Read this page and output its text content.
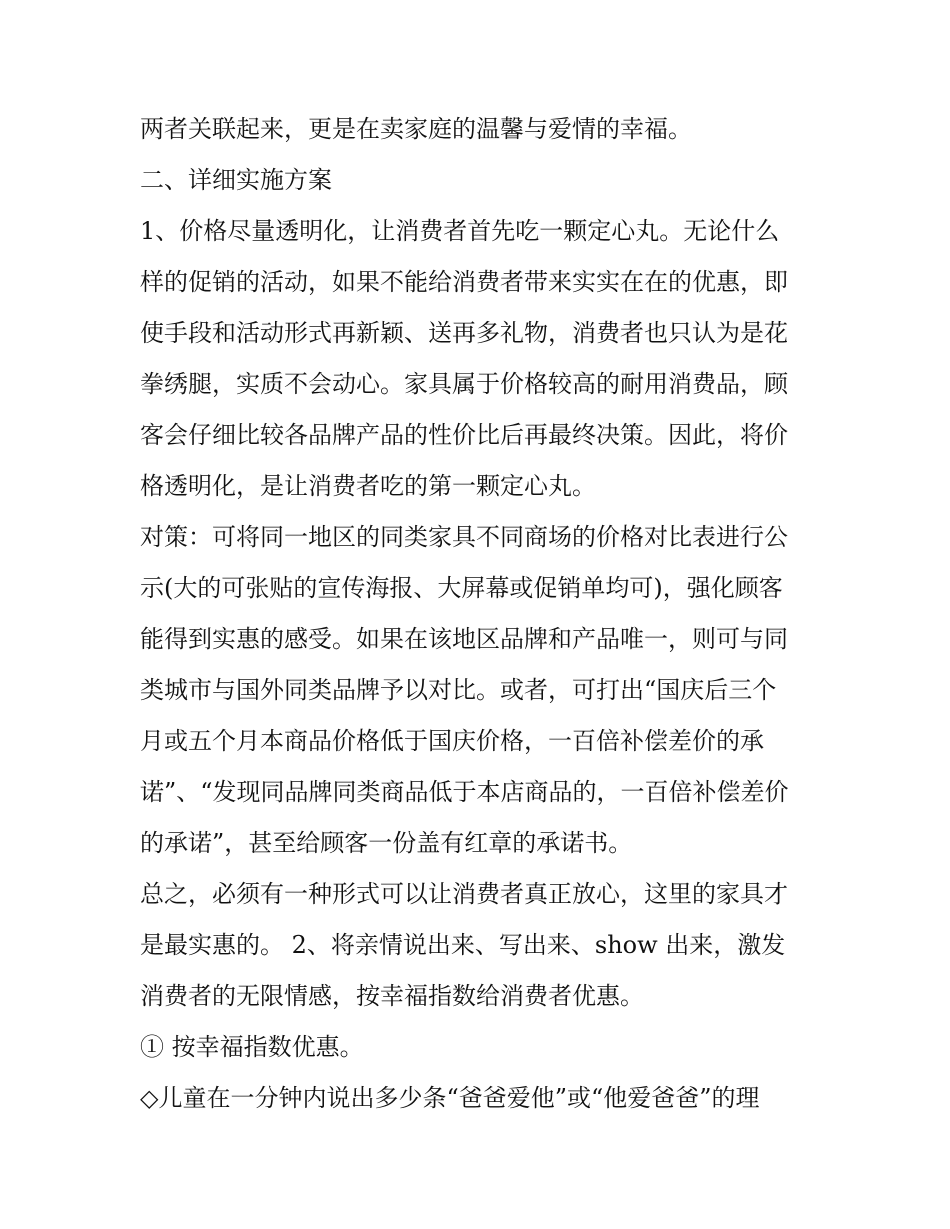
两者关联起来，更是在卖家庭的温馨与爱情的幸福。
二、详细实施方案
1、价格尽量透明化，让消费者首先吃一颗定心丸。无论什么
样的促销的活动，如果不能给消费者带来实实在在的优惠，即
使手段和活动形式再新颖、送再多礼物，消费者也只认为是花
拳绣腿，实质不会动心。家具属于价格较高的耐用消费品，顾
客会仔细比较各品牌产品的性价比后再最终决策。因此，将价
格透明化，是让消费者吃的第一颗定心丸。
对策：可将同一地区的同类家具不同商场的价格对比表进行公
示(大的可张贴的宣传海报、大屏幕或促销单均可)，强化顾客
能得到实惠的感受。如果在该地区品牌和产品唯一，则可与同
类城市与国外同类品牌予以对比。或者，可打出“国庆后三个
月或五个月本商品价格低于国庆价格，一百倍补偿差价的承
诺”、“发现同品牌同类商品低于本店商品的，一百倍补偿差价
的承诺”，甚至给顾客一份盖有红章的承诺书。
总之，必须有一种形式可以让消费者真正放心，这里的家具才
是最实惠的。 2、将亲情说出来、写出来、show 出来，激发
消费者的无限情感，按幸福指数给消费者优惠。
① 按幸福指数优惠。
◇儿童在一分钟内说出多少条“爸爸爱他”或“他爱爸爸”的理
